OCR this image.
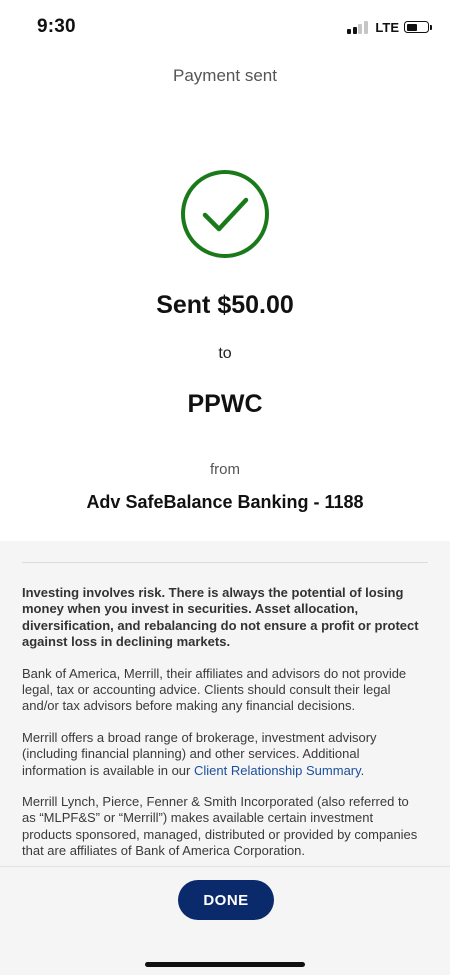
9:30	LTE
Payment sent
Sent $50.00
to
PPWC
from
Adv SafeBalance Banking - 1188

Investing involves risk. There is always the potential of losing money when you invest in securities. Asset allocation, diversification, and rebalancing do not ensure a profit or protect against loss in declining markets.

Bank of America, Merrill, their affiliates and advisors do not provide legal, tax or accounting advice. Clients should consult their legal and/or tax advisors before making any financial decisions.

Merrill offers a broad range of brokerage, investment advisory (including financial planning) and other services. Additional information is available in our Client Relationship Summary.

Merrill Lynch, Pierce, Fenner & Smith Incorporated (also referred to as “MLPF&S” or “Merrill”) makes available certain investment products sponsored, managed, distributed or provided by companies that are affiliates of Bank of America Corporation.

DONE
